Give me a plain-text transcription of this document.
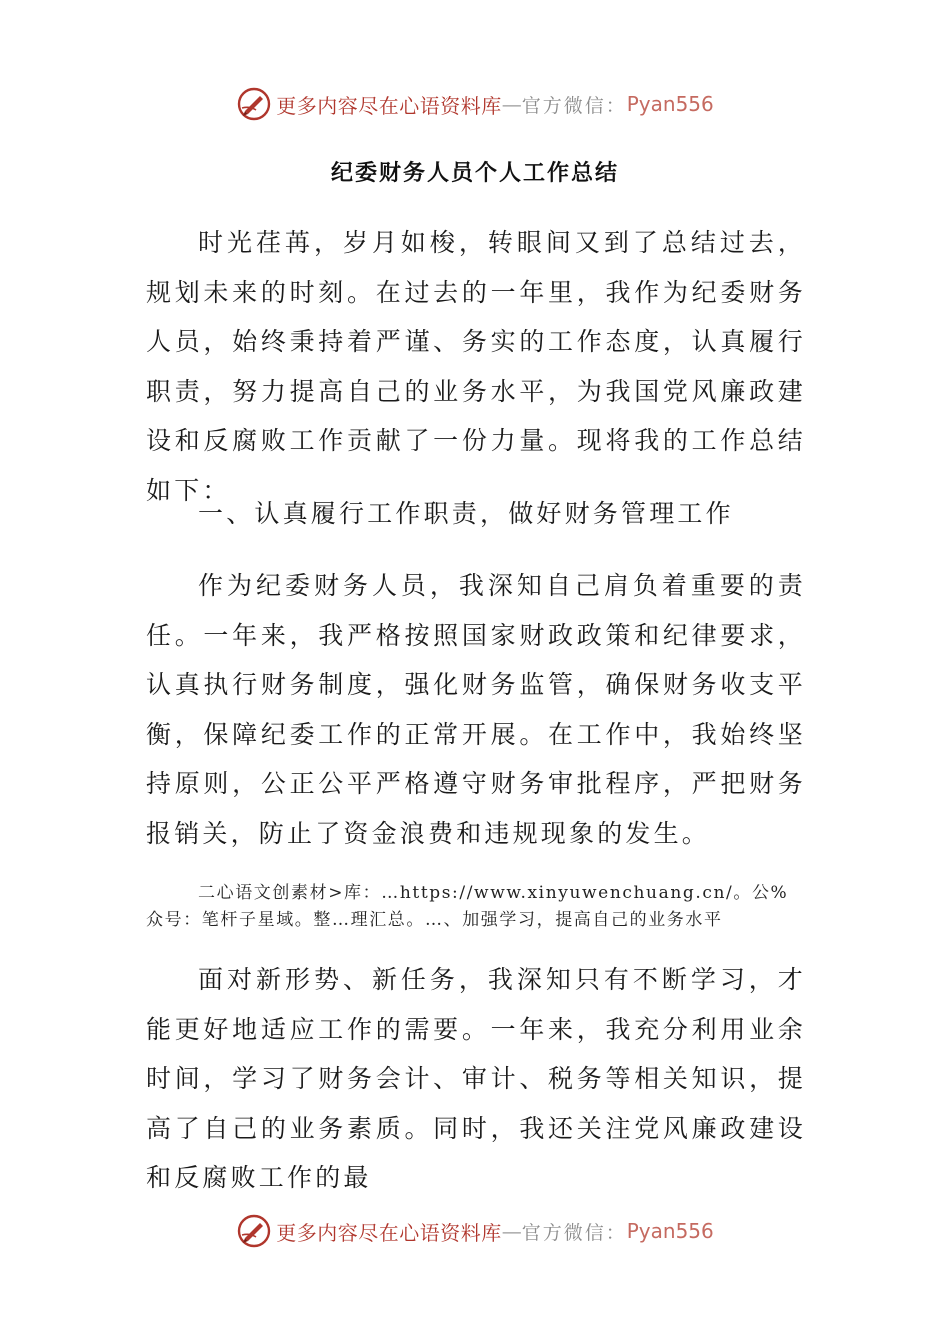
更多内容尽在心语资料库 — 官方微信： Pyan556
纪委财务人员个人工作总结

时光荏苒，岁月如梭，转眼间又到了总结过去，规划未来的时刻。在过去的一年里，我作为纪委财务人员，始终秉持着严谨、务实的工作态度，认真履行职责，努力提高自己的业务水平，为我国党风廉政建设和反腐败工作贡献了一份力量。现将我的工作总结如下：

一、认真履行工作职责，做好财务管理工作

作为纪委财务人员，我深知自己肩负着重要的责任。一年来，我严格按照国家财政政策和纪律要求，认真执行财务制度，强化财务监管，确保财务收支平衡，保障纪委工作的正常开展。在工作中，我始终坚持原则，公正公平严格遵守财务审批程序，严把财务报销关，防止了资金浪费和违规现象的发生。

二心语文创素材>库：…https://www.xinyuwenchuang.cn/。公%众号：笔杆子星域。整…理汇总。…、加强学习，提高自己的业务水平

面对新形势、新任务，我深知只有不断学习，才能更好地适应工作的需要。一年来，我充分利用业余时间，学习了财务会计、审计、税务等相关知识，提高了自己的业务素质。同时，我还关注党风廉政建设和反腐败工作的最

更多内容尽在心语资料库 — 官方微信： Pyan556
